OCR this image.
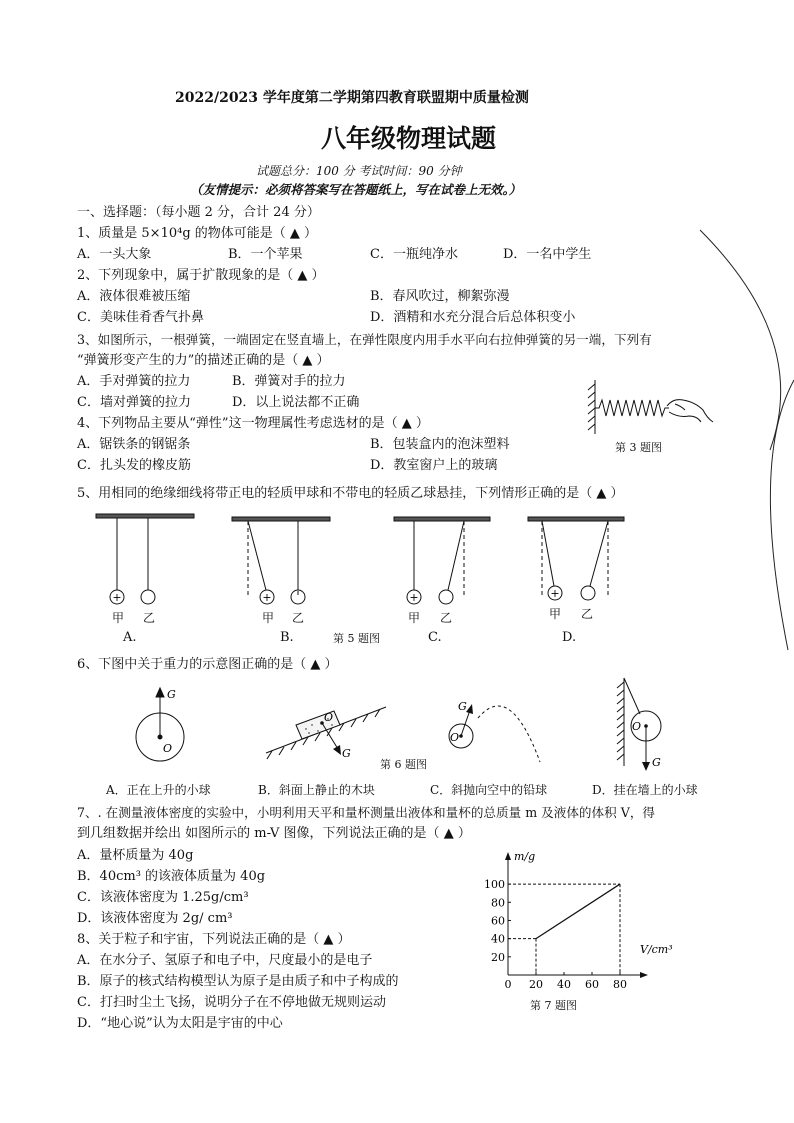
2022/2023 学年度第二学期第四教育联盟期中质量检测
八年级物理试题
试题总分：100 分 考试时间：90 分钟
（友情提示：必须将答案写在答题纸上，写在试卷上无效。）
一、选择题：（每小题 2 分，合计 24 分）
1、质量是 5×10⁴g 的物体可能是（ ▲ ）
A．一头大象	B．一个苹果	C．一瓶纯净水	D．一名中学生
2、下列现象中，属于扩散现象的是（ ▲ ）
A．液体很难被压缩	B．春风吹过，柳絮弥漫
C．美味佳肴香气扑鼻	D．酒精和水充分混合后总体积变小
3、如图所示，一根弹簧，一端固定在竖直墙上，在弹性限度内用手水平向右拉伸弹簧的另一端，下列有
“弹簧形变产生的力”的描述正确的是（ ▲ ）
A．手对弹簧的拉力	B．弹簧对手的拉力
C．墙对弹簧的拉力	D．以上说法都不正确
第 3 题图
4、下列物品主要从“弹性”这一物理属性考虑选材的是（ ▲ ）
A．锯铁条的钢锯条	B．包装盒内的泡沫塑料
C．扎头发的橡皮筋	D．教室窗户上的玻璃
5、用相同的绝缘细线将带正电的轻质甲球和不带电的轻质乙球悬挂，下列情形正确的是（ ▲ ）
+
甲 乙
A.
+
甲 乙
B.	第 5 题图
+
甲 乙
C.
+
甲 乙
D.
6、下图中关于重力的示意图正确的是（ ▲ ）
G
O
A．正在上升的小球
O
G
第 6 题图
B．斜面上静止的木块
G
O
C．斜抛向空中的铅球
O
G
D．挂在墙上的小球
7、. 在测量液体密度的实验中，小明利用天平和量杯测量出液体和量杯的总质量 m 及液体的体积 V，得
到几组数据并绘出 如图所示的 m-V 图像，下列说法正确的是（ ▲ ）
A．量杯质量为 40g
B．40cm³ 的该液体质量为 40g
C．该液体密度为 1.25g/cm³
D．该液体密度为 2g/ cm³
0 20 40 60 80
20
40
60
80
100
m/g
V/cm³
第 7 题图
8、关于粒子和宇宙，下列说法正确的是（ ▲ ）
A．在水分子、氢原子和电子中，尺度最小的是电子
B．原子的核式结构模型认为原子是由质子和中子构成的
C．打扫时尘土飞扬，说明分子在不停地做无规则运动
D．“地心说”认为太阳是宇宙的中心
